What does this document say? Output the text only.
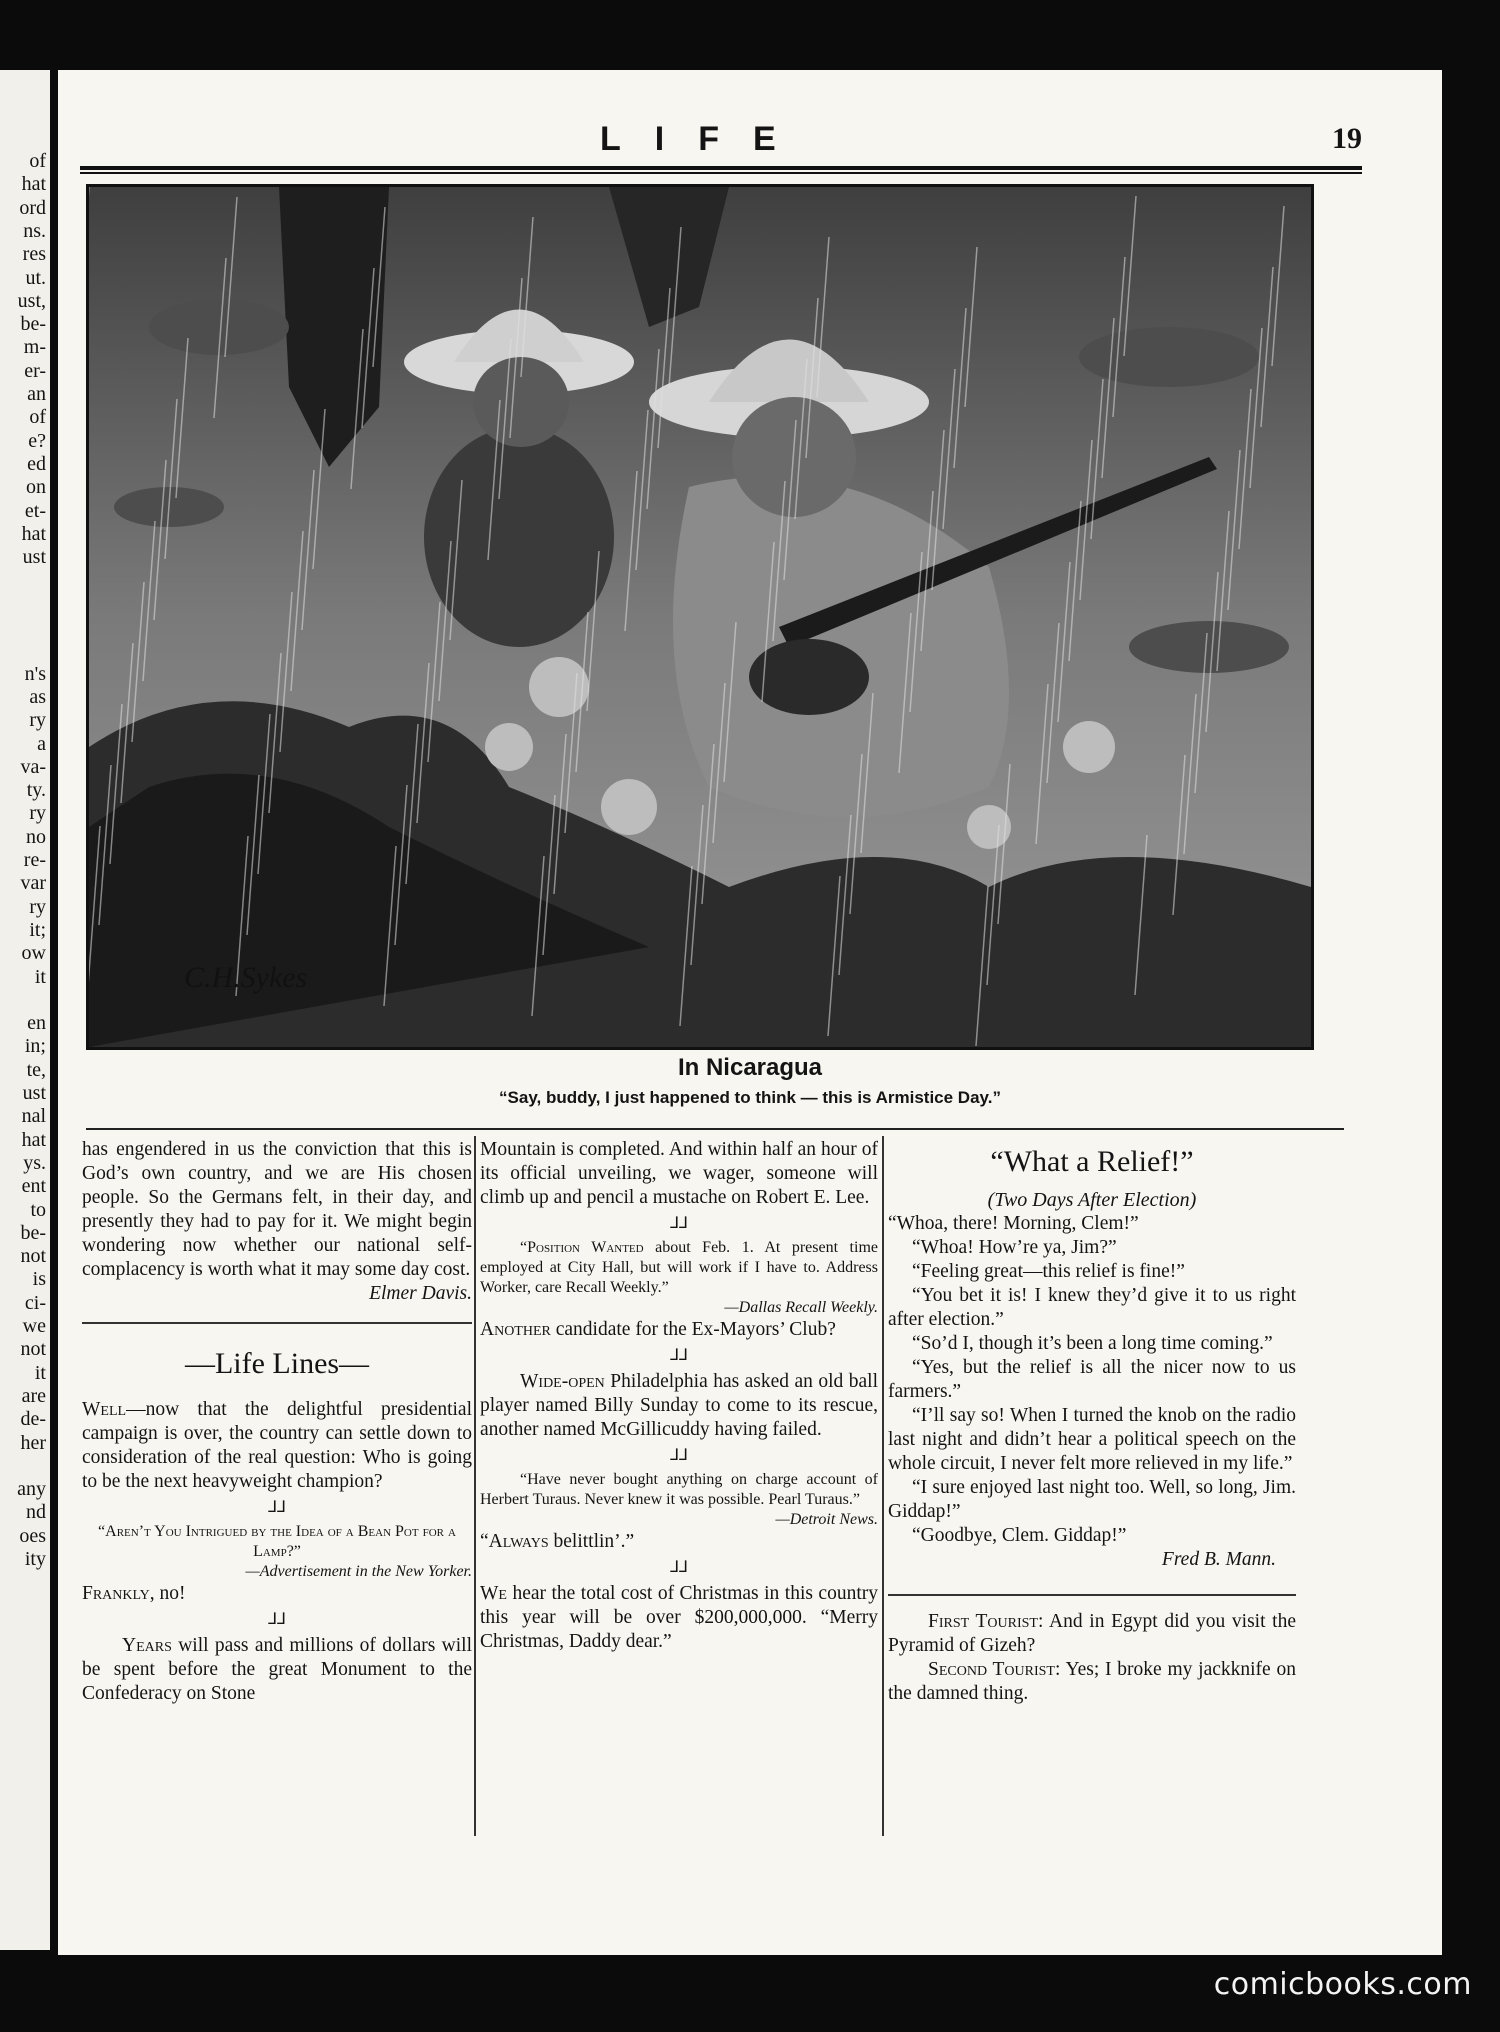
of
hat
ord
ns.
res
ut.
ust,
be-
m-
er-
an
of
e?
ed
on
et-
hat
ust
n's
as
ry
a
va-
ty.
ry
no
re-
var
ry
it;
ow
it
en
in;
te,
ust
nal
hat
ys.
ent
to
be-
not
is
ci-
we
not
it
are
de-
her
any
nd
oes
ity
LIFE	19
C.H.Sykes
In Nicaragua
“Say, buddy, I just happened to think — this is Armistice Day.”

has engendered in us the conviction that this is God’s own country, and we are His chosen people. So the Germans felt, in their day, and presently they had to pay for it. We might begin wondering now whether our national self-complacency is worth what it may some day cost.

Elmer Davis.

—Life Lines—

Well—now that the delightful presidential campaign is over, the country can settle down to consideration of the real question: Who is going to be the next heavyweight champion?

⅃⅃

“Aren’t You Intrigued by the Idea of a Bean Pot for a Lamp?”

—Advertisement in the New Yorker.

Frankly, no!

⅃⅃

Years will pass and millions of dollars will be spent before the great Monument to the Confederacy on Stone

Mountain is completed. And within half an hour of its official unveiling, we wager, someone will climb up and pencil a mustache on Robert E. Lee.

⅃⅃

“Position Wanted about Feb. 1. At present time employed at City Hall, but will work if I have to. Address Worker, care Recall Weekly.”

—Dallas Recall Weekly.

Another candidate for the Ex-Mayors’ Club?

⅃⅃

Wide-open Philadelphia has asked an old ball player named Billy Sunday to come to its rescue, another named McGillicuddy having failed.

⅃⅃

“Have never bought anything on charge account of Herbert Turaus. Never knew it was possible. Pearl Turaus.”

—Detroit News.

“Always belittlin’.”

⅃⅃

We hear the total cost of Christmas in this country this year will be over $200,000,000. “Merry Christmas, Daddy dear.”

“What a Relief!”
(Two Days After Election)

“Whoa, there! Morning, Clem!”

“Whoa! How’re ya, Jim?”

“Feeling great—this relief is fine!”

“You bet it is! I knew they’d give it to us right after election.”

“So’d I, though it’s been a long time coming.”

“Yes, but the relief is all the nicer now to us farmers.”

“I’ll say so! When I turned the knob on the radio last night and didn’t hear a political speech on the whole circuit, I never felt more relieved in my life.”

“I sure enjoyed last night too. Well, so long, Jim. Giddap!”

“Goodbye, Clem. Giddap!”

Fred B. Mann.

First Tourist: And in Egypt did you visit the Pyramid of Gizeh?

Second Tourist: Yes; I broke my jackknife on the damned thing.

comicbooks.com
